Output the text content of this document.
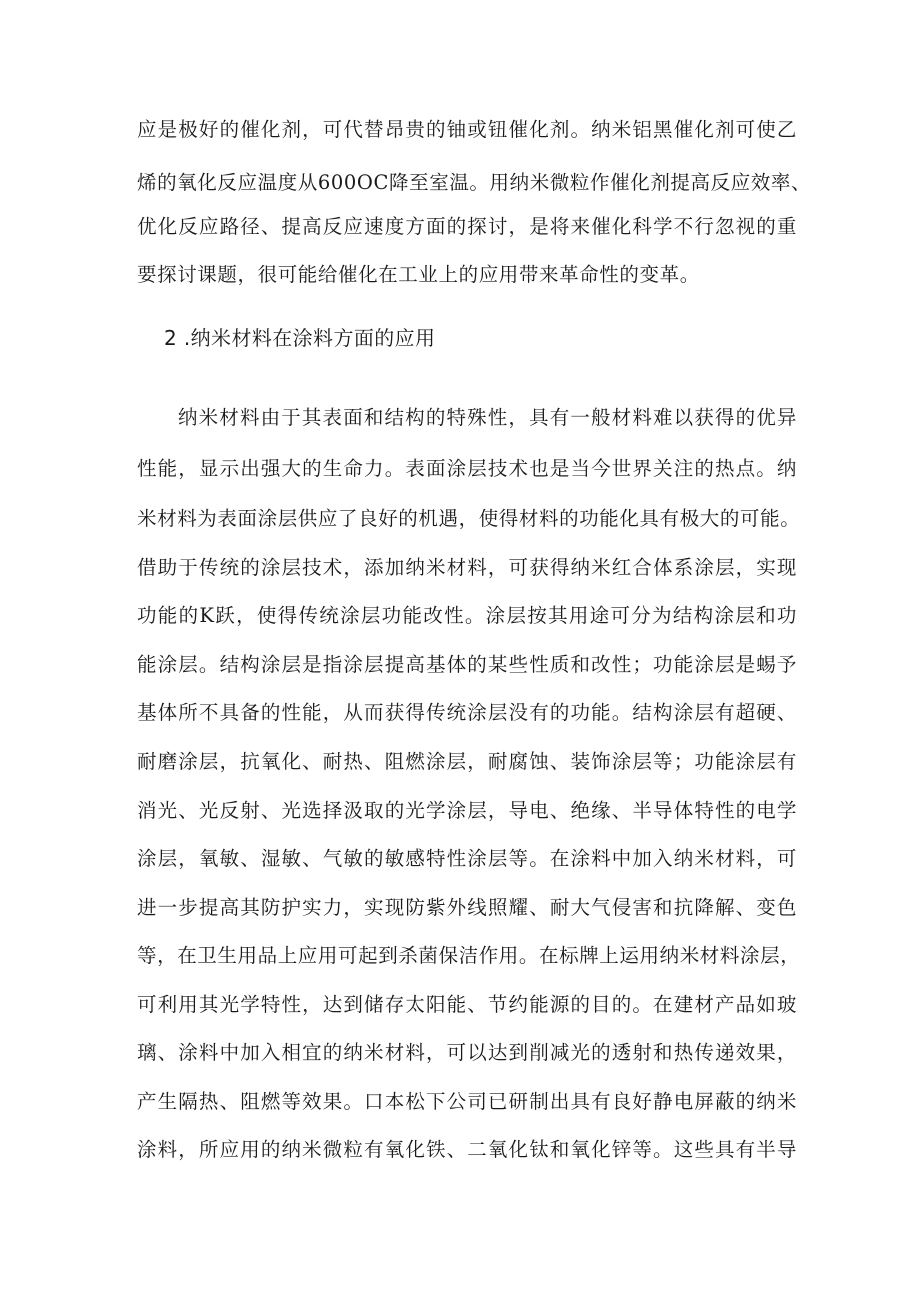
应是极好的催化剂，可代替昂贵的铀或钮催化剂。纳米铝黑催化剂可使乙
烯的氧化反应温度从600OC降至室温。用纳米微粒作催化剂提高反应效率、
优化反应路径、提高反应速度方面的探讨，是将来催化科学不行忽视的重
要探讨课题，很可能给催化在工业上的应用带来革命性的变革。
2 .纳米材料在涂料方面的应用
纳米材料由于其表面和结构的特殊性，具有一般材料难以获得的优异
性能，显示出强大的生命力。表面涂层技术也是当今世界关注的热点。纳
米材料为表面涂层供应了良好的机遇，使得材料的功能化具有极大的可能。
借助于传统的涂层技术，添加纳米材料，可获得纳米红合体系涂层，实现
功能的K跃，使得传统涂层功能改性。涂层按其用途可分为结构涂层和功
能涂层。结构涂层是指涂层提高基体的某些性质和改性；功能涂层是蜴予
基体所不具备的性能，从而获得传统涂层没有的功能。结构涂层有超硬、
耐磨涂层，抗氧化、耐热、阻燃涂层，耐腐蚀、装饰涂层等；功能涂层有
消光、光反射、光选择汲取的光学涂层，导电、绝缘、半导体特性的电学
涂层，氧敏、湿敏、气敏的敏感特性涂层等。在涂料中加入纳米材料，可
进一步提高其防护实力，实现防紫外线照耀、耐大气侵害和抗降解、变色
等，在卫生用品上应用可起到杀菌保洁作用。在标牌上运用纳米材料涂层，
可利用其光学特性，达到储存太阳能、节约能源的目的。在建材产品如玻
璃、涂料中加入相宜的纳米材料，可以达到削减光的透射和热传递效果，
产生隔热、阻燃等效果。口本松下公司已研制出具有良好静电屏蔽的纳米
涂料，所应用的纳米微粒有氧化铁、二氧化钛和氧化锌等。这些具有半导
